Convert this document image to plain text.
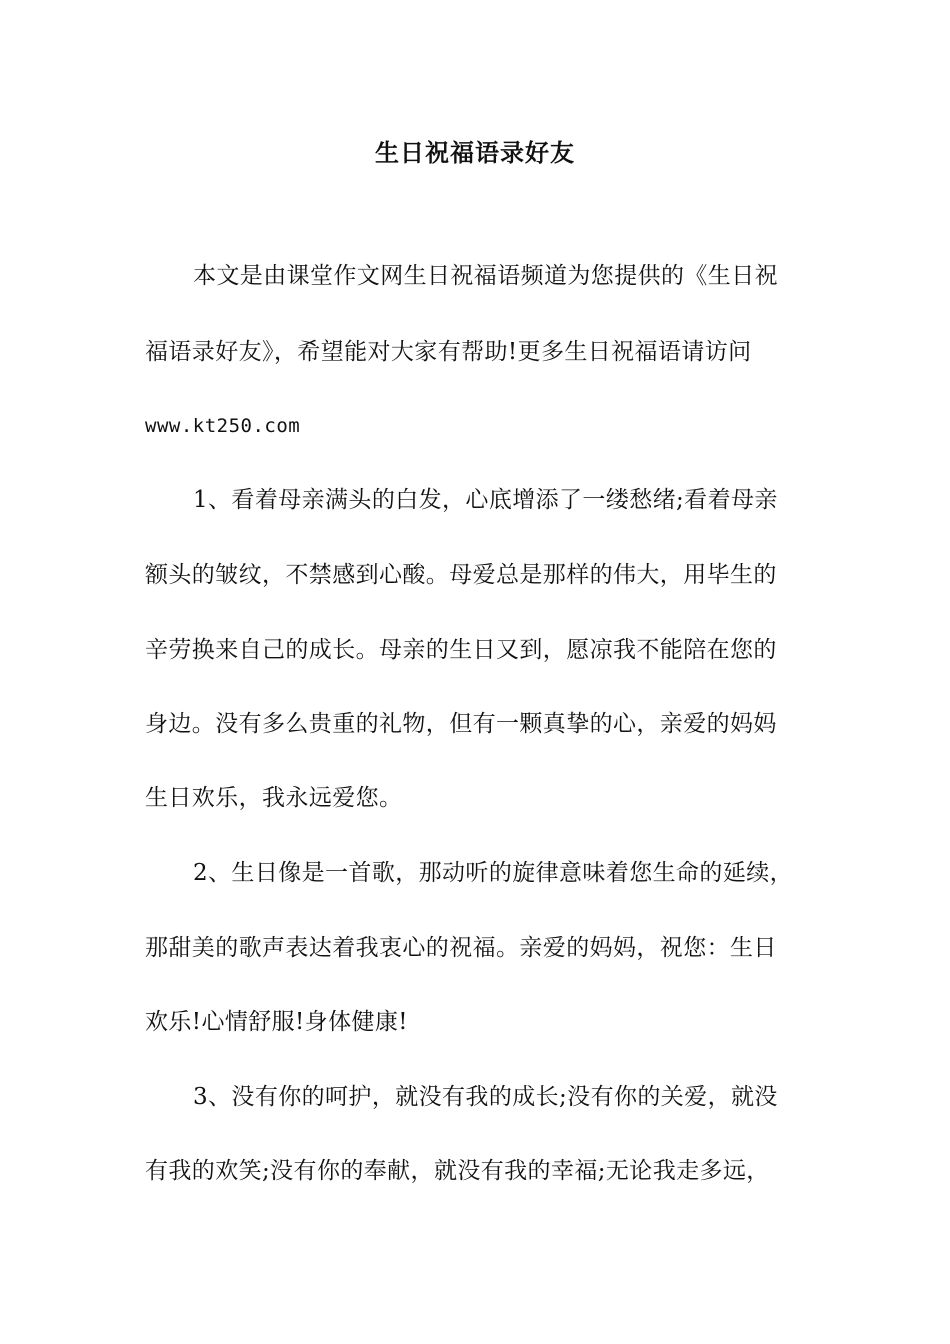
生日祝福语录好友
本文是由课堂作文网生日祝福语频道为您提供的《生日祝
福语录好友》，希望能对大家有帮助!更多生日祝福语请访问
www.kt250.com
1、看着母亲满头的白发，心底增添了一缕愁绪;看着母亲
额头的皱纹，不禁感到心酸。母爱总是那样的伟大，用毕生的
辛劳换来自己的成长。母亲的生日又到，愿凉我不能陪在您的
身边。没有多么贵重的礼物，但有一颗真挚的心，亲爱的妈妈
生日欢乐，我永远爱您。
2、生日像是一首歌，那动听的旋律意味着您生命的延续，
那甜美的歌声表达着我衷心的祝福。亲爱的妈妈，祝您：生日
欢乐!心情舒服!身体健康!
3、没有你的呵护，就没有我的成长;没有你的关爱，就没
有我的欢笑;没有你的奉献，就没有我的幸福;无论我走多远，
